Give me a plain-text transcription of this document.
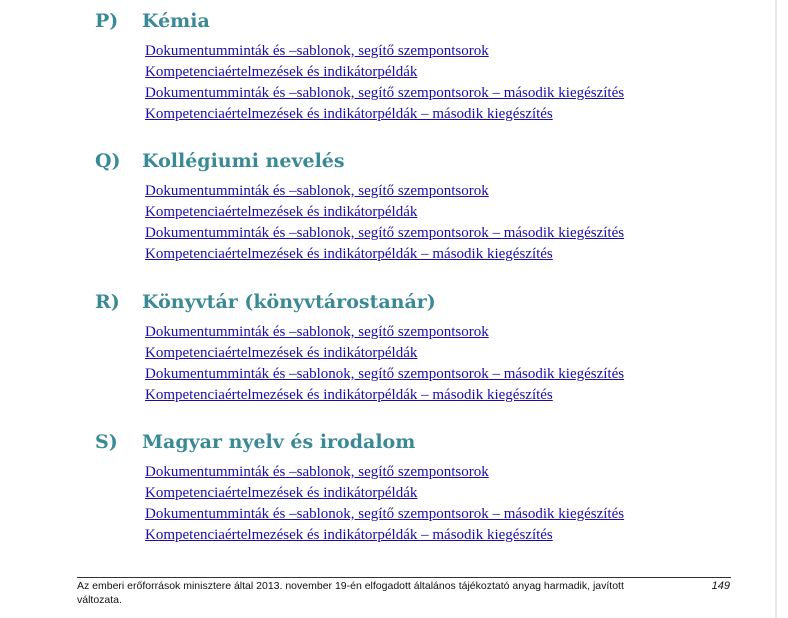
P) Kémia
Dokumentumminták és –sablonok, segítő szempontsorok
Kompetenciaértelmezések és indikátorpéldák
Dokumentumminták és –sablonok, segítő szempontsorok – második kiegészítés
Kompetenciaértelmezések és indikátorpéldák – második kiegészítés
Q) Kollégiumi nevelés
Dokumentumminták és –sablonok, segítő szempontsorok
Kompetenciaértelmezések és indikátorpéldák
Dokumentumminták és –sablonok, segítő szempontsorok – második kiegészítés
Kompetenciaértelmezések és indikátorpéldák – második kiegészítés
R) Könyvtár (könyvtárostanár)
Dokumentumminták és –sablonok, segítő szempontsorok
Kompetenciaértelmezések és indikátorpéldák
Dokumentumminták és –sablonok, segítő szempontsorok – második kiegészítés
Kompetenciaértelmezések és indikátorpéldák – második kiegészítés
S) Magyar nyelv és irodalom
Dokumentumminták és –sablonok, segítő szempontsorok
Kompetenciaértelmezések és indikátorpéldák
Dokumentumminták és –sablonok, segítő szempontsorok – második kiegészítés
Kompetenciaértelmezések és indikátorpéldák – második kiegészítés
Az emberi erőforrások minisztere által 2013. november 19-én elfogadott általános tájékoztató anyag harmadik, javított változata.
149
